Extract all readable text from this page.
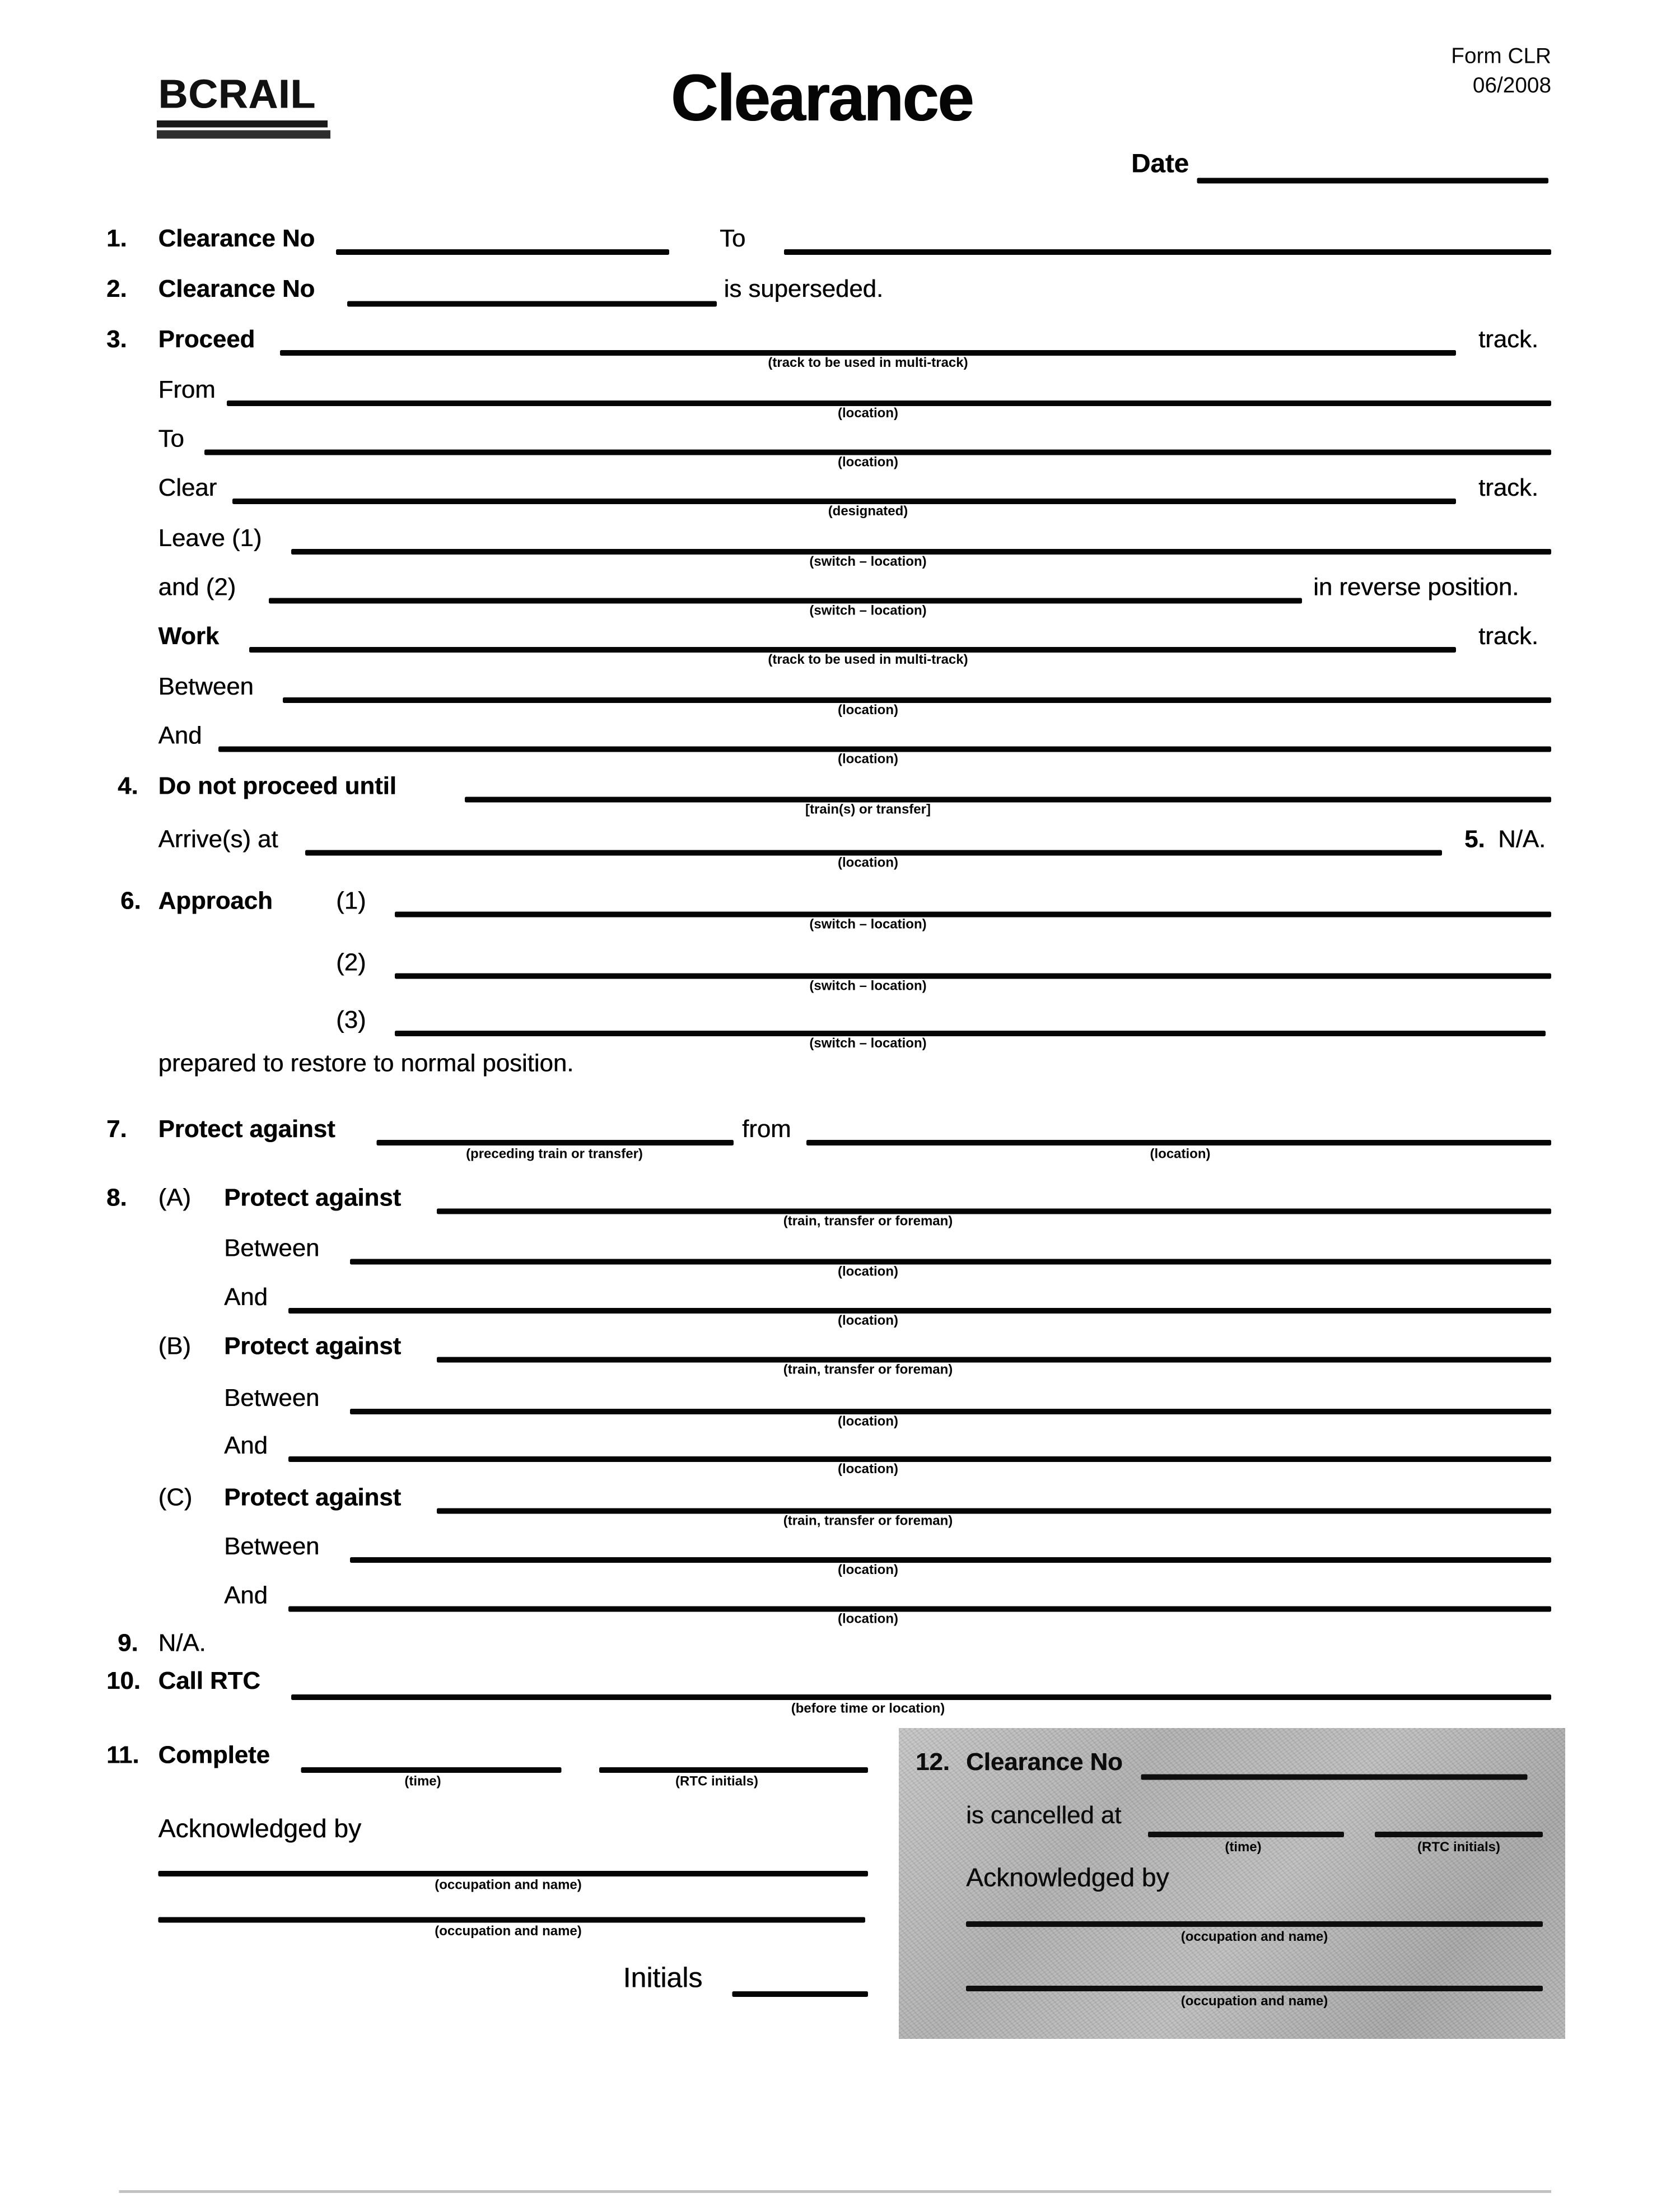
BCRAIL	Clearance
Form CLR
06/2008
Date
1.	Clearance No	To
2.	Clearance No	is superseded.
3.	Proceed	track.
(track to be used in multi-track)
From
(location)
To
(location)
Clear	track.
(designated)
Leave (1)
(switch – location)
and (2)	in reverse position.
(switch – location)
Work	track.
(track to be used in multi-track)
Between
(location)
And
(location)
4. Do not proceed until
[train(s) or transfer]
Arrive(s) at	5. N/A.
(location)
6. Approach	(1)
(switch – location)
(2)
(switch – location)
(3)
(switch – location)
prepared to restore to normal position.
7.	Protect against	from
(preceding train or transfer)	(location)
8.	(A)	Protect against
(train, transfer or foreman)
Between
(location)
And
(location)
(B)	Protect against
(train, transfer or foreman)
Between
(location)
And
(location)
(C)	Protect against
(train, transfer or foreman)
Between
(location)
And
(location)
9. N/A.
10. Call RTC
(before time or location)
11. Complete
(time)	(RTC initials)
Acknowledged by
(occupation and name)
(occupation and name)
Initials
12. Clearance No
is cancelled at
(time)	(RTC initials)
Acknowledged by
(occupation and name)
(occupation and name)
